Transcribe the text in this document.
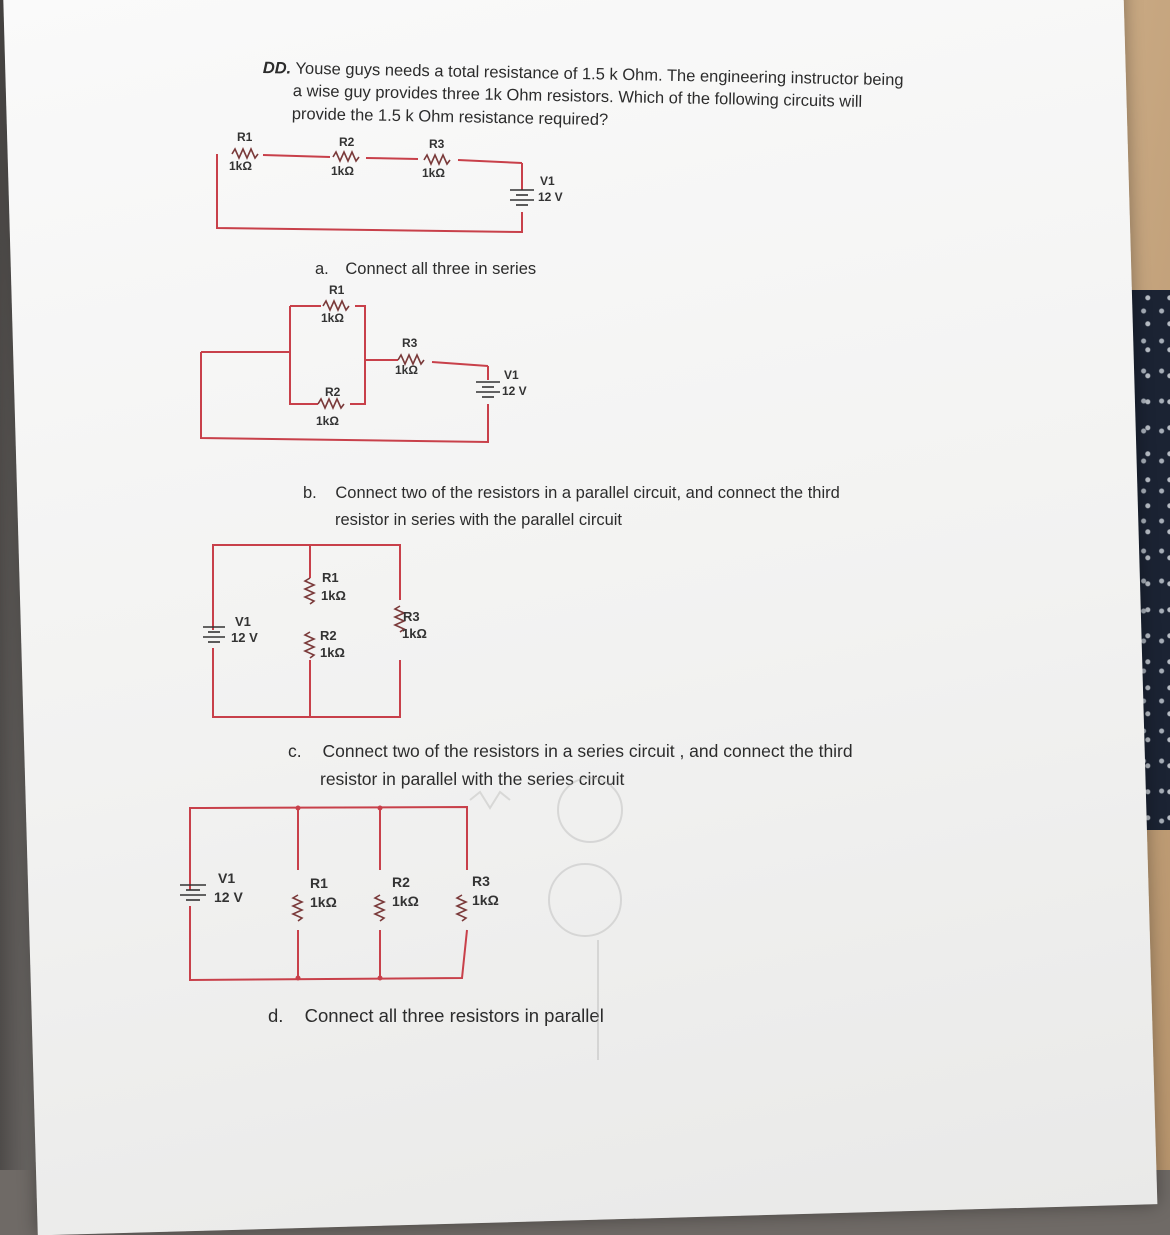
DD. Youse guys needs a total resistance of 1.5 k Ohm. The engineering instructor being
a wise guy provides three 1k Ohm resistors. Which of the following circuits will
provide the 1.5 k Ohm resistance required?
a. Connect all three in series
b. Connect two of the resistors in a parallel circuit, and connect the third
resistor in series with the parallel circuit
c. Connect two of the resistors in a series circuit , and connect the third
resistor in parallel with the series circuit
d. Connect all three resistors in parallel
R1
1kΩ
R2
1kΩ
R3
1kΩ
V1
12 V
R1
1kΩ
R3
1kΩ
R2
1kΩ
V1
12 V
R1
1kΩ
R2
1kΩ
R3
1kΩ
V1
12 V
R1
1kΩ
R2
1kΩ
R3
1kΩ
V1
12 V
